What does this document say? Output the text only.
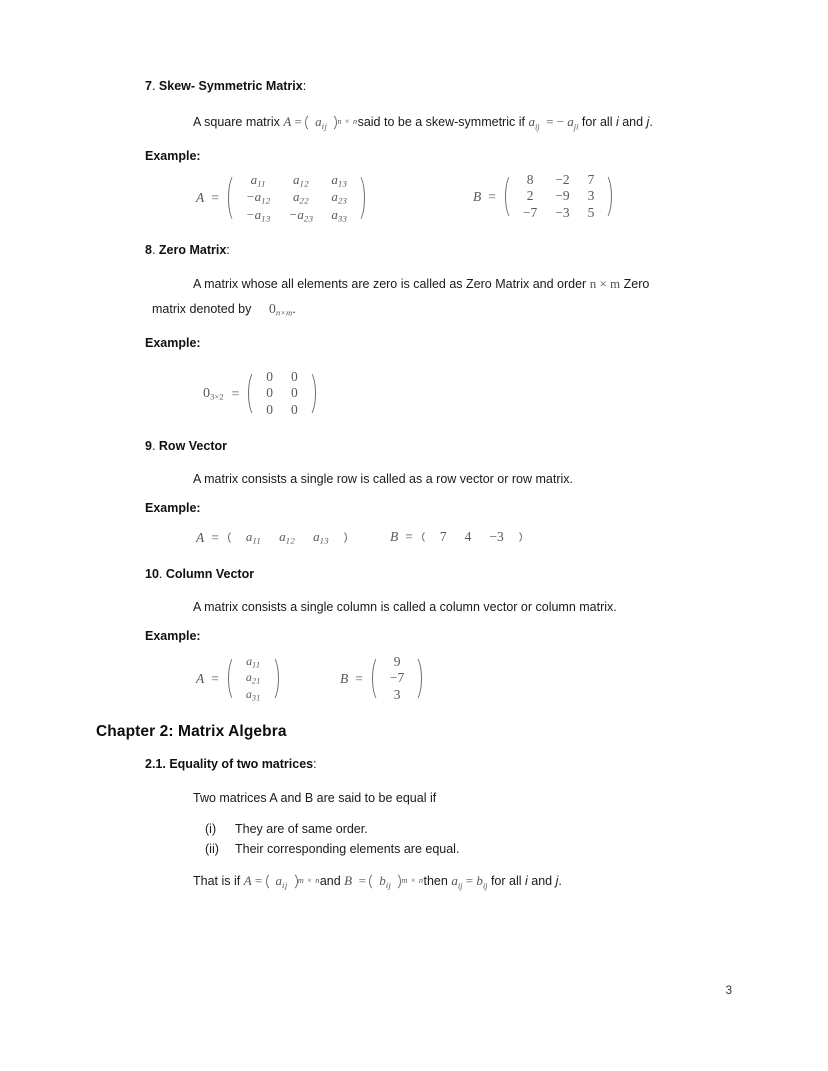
7. Skew- Symmetric Matrix:
A square matrix $A = a_{ij}$ n × n said to be a skew-symmetric if $a_{ij}$ = − $a_{ji}$ for all i and j.
Example:
A =
$a_{11}$	$a_{12}$	$a_{13}$
$-a_{12}$	$a_{22}$	$a_{23}$
$-a_{13}$	$-a_{23}$	$a_{33}$
B =
8	−2	7
2	−9	3
−7	−3	5
8. Zero Matrix:
A matrix whose all elements are zero is called as Zero Matrix and order n × m Zero
matrix denoted by $0_{n\times m}$.
Example:
$0_{3\times 2}$ =
0	0
0	0
0	0
9. Row Vector
A matrix consists a single row is called as a row vector or row matrix.
Example:
$A = a_{11}$	$a_{12}$	$a_{13}$	B = 7	4	−3
10. Column Vector
A matrix consists a single column is called a column vector or column matrix.
Example:
A =
$a_{11}$
$a_{21}$
$a_{31}$
B =
9
−7
3
Chapter 2: Matrix Algebra
2.1. Equality of two matrices:
Two matrices A and B are said to be equal if
(i)	They are of same order.
(ii)	Their corresponding elements are equal.
That is if $A = a_{ij}$ m × n and $B = b_{ij}$ m × n then $a_{ij} = b_{ij}$ for all i and j.
3
